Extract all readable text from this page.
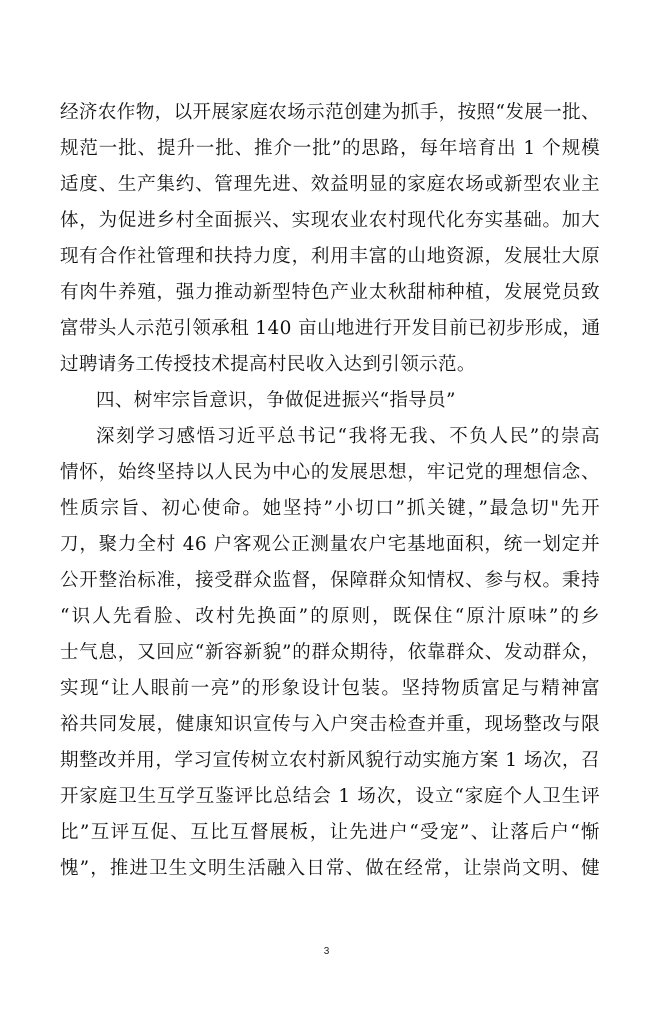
经济农作物，以开展家庭农场示范创建为抓手，按照“发展一批、
规范一批、提升一批、推介一批”的思路，每年培育出 1 个规模
适度、生产集约、管理先进、效益明显的家庭农场或新型农业主
体，为促进乡村全面振兴、实现农业农村现代化夯实基础。加大
现有合作社管理和扶持力度，利用丰富的山地资源，发展壮大原
有肉牛养殖，强力推动新型特色产业太秋甜柿种植，发展党员致
富带头人示范引领承租 140 亩山地进行开发目前已初步形成，通
过聘请务工传授技术提高村民收入达到引领示范。
四、树牢宗旨意识，争做促进振兴“指导员”
深刻学习感悟习近平总书记“我将无我、不负人民”的崇高
情怀，始终坚持以人民为中心的发展思想，牢记党的理想信念、
性质宗旨、初心使命。她坚持”小切口”抓关键，”最急切"先开
刀，聚力全村 46 户客观公正测量农户宅基地面积，统一划定并
公开整治标准，接受群众监督，保障群众知情权、参与权。秉持
“识人先看脸、改村先换面”的原则，既保住“原汁原味”的乡
士气息，又回应“新容新貌”的群众期待，依靠群众、发动群众，
实现“让人眼前一亮”的形象设计包装。坚持物质富足与精神富
裕共同发展，健康知识宣传与入户突击检查并重，现场整改与限
期整改并用，学习宣传树立农村新风貌行动实施方案 1 场次，召
开家庭卫生互学互鉴评比总结会 1 场次，设立“家庭个人卫生评
比”互评互促、互比互督展板，让先进户“受宠”、让落后户“惭
愧”，推进卫生文明生活融入日常、做在经常，让崇尚文明、健
3
